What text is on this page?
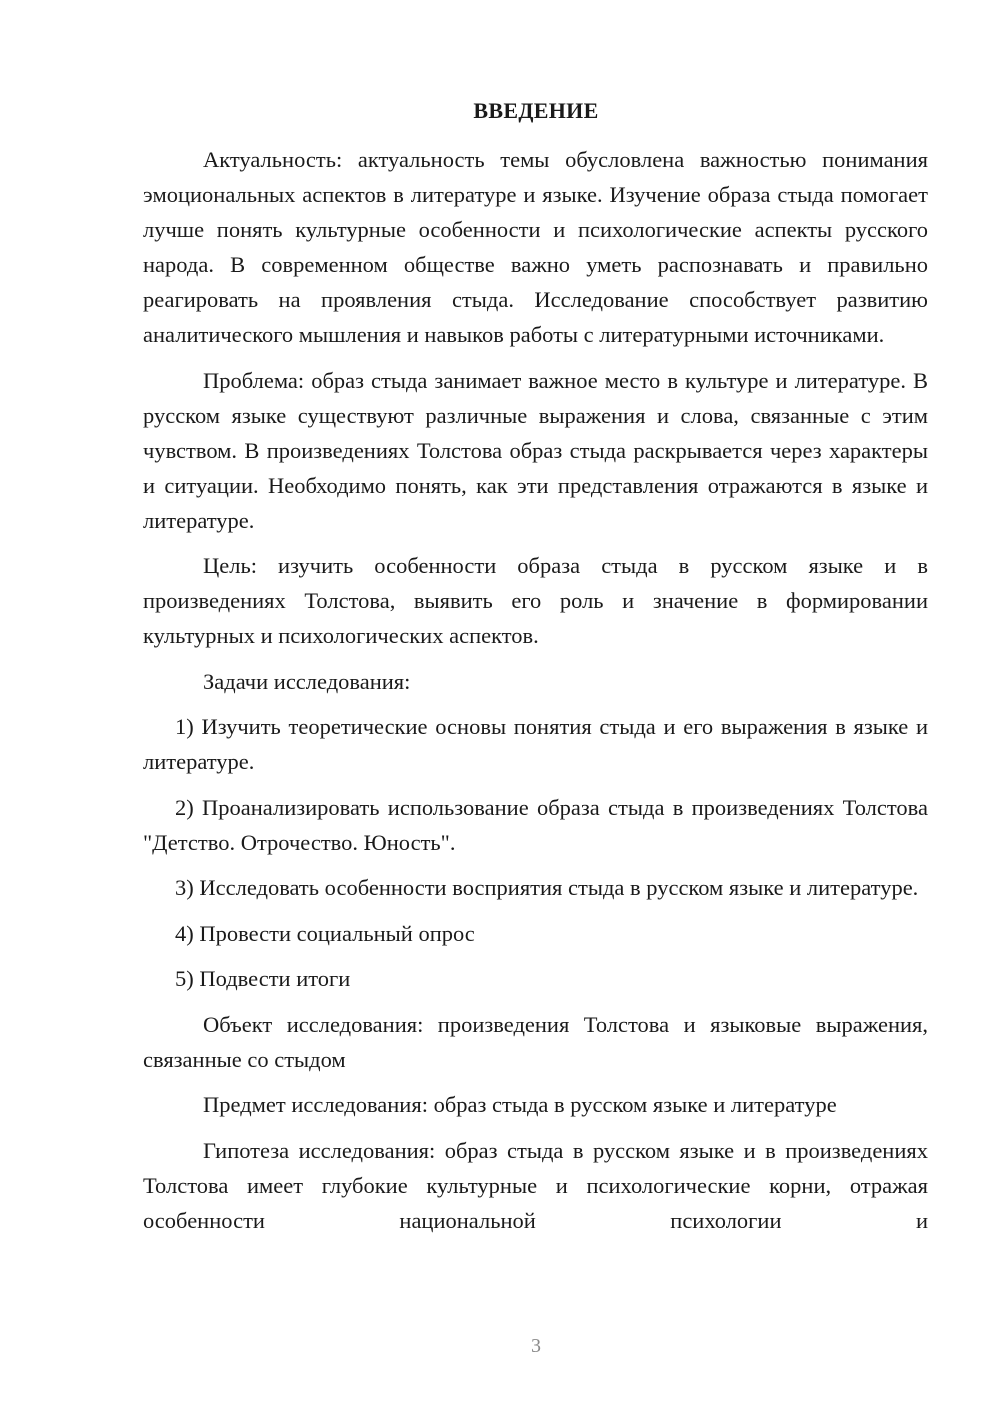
ВВЕДЕНИЕ

Актуальность: актуальность темы обусловлена важностью понимания эмоциональных аспектов в литературе и языке. Изучение образа стыда помогает лучше понять культурные особенности и психологические аспекты русского народа. В современном обществе важно уметь распознавать и правильно реагировать на проявления стыда. Исследование способствует развитию аналитического мышления и навыков работы с литературными источниками.

Проблема: образ стыда занимает важное место в культуре и литературе. В русском языке существуют различные выражения и слова, связанные с этим чувством. В произведениях Толстова образ стыда раскрывается через характеры и ситуации. Необходимо понять, как эти представления отражаются в языке и литературе.

Цель: изучить особенности образа стыда в русском языке и в произведениях Толстова, выявить его роль и значение в формировании культурных и психологических аспектов.

Задачи исследования:

1) Изучить теоретические основы понятия стыда и его выражения в языке и литературе.

2) Проанализировать использование образа стыда в произведениях Толстова "Детство. Отрочество. Юность".

3) Исследовать особенности восприятия стыда в русском языке и литературе.

4) Провести социальный опрос

5) Подвести итоги

Объект исследования: произведения Толстова и языковые выражения, связанные со стыдом

Предмет исследования: образ стыда в русском языке и литературе

Гипотеза исследования: образ стыда в русском языке и в произведениях Толстова имеет глубокие культурные и психологические корни, отражая особенности национальной психологии и

3
